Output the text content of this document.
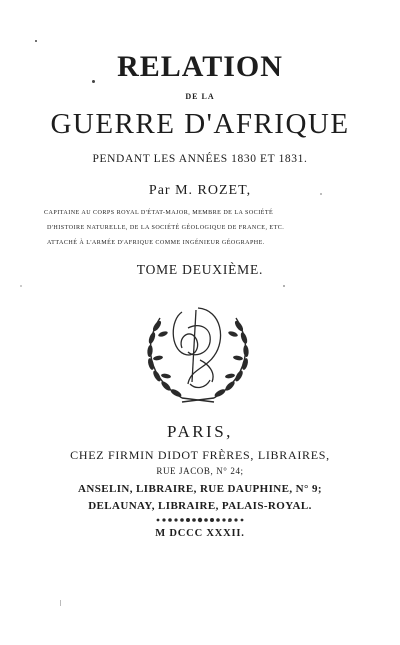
RELATION
DE LA
GUERRE D'AFRIQUE
PENDANT LES ANNÉES 1830 ET 1831.
Par M. ROZET,
CAPITAINE AU CORPS ROYAL D'ÉTAT-MAJOR, MEMBRE DE LA SOCIÉTÉ
D'HISTOIRE NATURELLE, DE LA SOCIÉTÉ GÉOLOGIQUE DE FRANCE, ETC.
ATTACHÉ À L'ARMÉE D'AFRIQUE COMME INGÉNIEUR GÉOGRAPHE.
TOME DEUXIÈME.
PARIS,
CHEZ FIRMIN DIDOT FRÈRES, LIBRAIRES,
RUE JACOB, N° 24;
ANSELIN, LIBRAIRE, RUE DAUPHINE, N° 9;
DELAUNAY, LIBRAIRE, PALAIS-ROYAL.
M DCCC XXXII.
